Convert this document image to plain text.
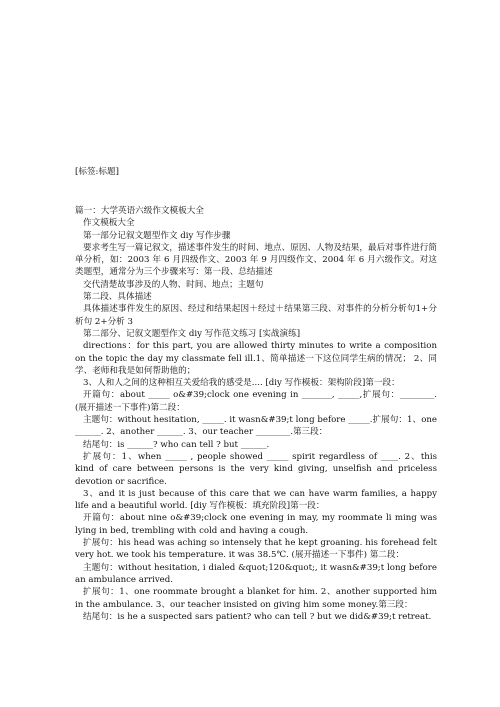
[标签:标题]

篇一：大学英语六级作文模板大全

作文模板大全

第一部分记叙文题型作文 diy 写作步骤

要求考生写一篇记叙文，描述事件发生的时间、地点、原因、人物及结果，最后对事件进行简单分析，如：2003 年 6 月四级作文、2003 年 9 月四级作文、2004 年 6 月六级作文。对这类题型，通常分为三个步骤来写：第一段、总结描述

交代清楚故事涉及的人物、时间、地点；主题句

第二段、具体描述

具体描述事件发生的原因、经过和结果起因＋经过＋结果第三段、对事件的分析分析句1+分析句 2+分析 3

第二部分、记叙文题型作文 diy 写作范文练习 [实战演练]

directions：for this part, you are allowed thirty minutes to write a composition on the topic the day my classmate fell ill.1、简单描述一下这位同学生病的情况； 2、同学、老师和我是如何帮助他的；

3、人和人之间的这种相互关爱给我的感受是.... [diy 写作模板：架构阶段]第一段：

开篇句：about _____ o&#39;clock one evening in _______, _____,扩展句：________. (展开描述一下事件)第二段：

主题句：without hesitation, _____. it wasn&#39;t long before _____.扩展句：1、one ______. 2、another ______. 3、our teacher ________.第三段：

结尾句：is ______? who can tell ? but ______.

扩展句：1、when _____ , people showed _____ spirit regardless of ____. 2、this kind of care between persons is the very kind giving, unselfish and priceless devotion or sacrifice.

3、and it is just because of this care that we can have warm families, a happy life and a beautiful world. [diy 写作模板：填充阶段]第一段：

开篇句：about nine o&#39;clock one evening in may, my roommate li ming was lying in bed, trembling with cold and having a cough.

扩展句：his head was aching so intensely that he kept groaning. his forehead felt very hot. we took his temperature. it was 38.5℃. (展开描述一下事件) 第二段：

主题句：without hesitation, i dialed &quot;120&quot;, it wasn&#39;t long before an ambulance arrived.

扩展句：1、one roommate brought a blanket for him. 2、another supported him in the ambulance. 3、our teacher insisted on giving him some money.第三段：

结尾句：is he a suspected sars patient? who can tell ? but we did&#39;t retreat.
